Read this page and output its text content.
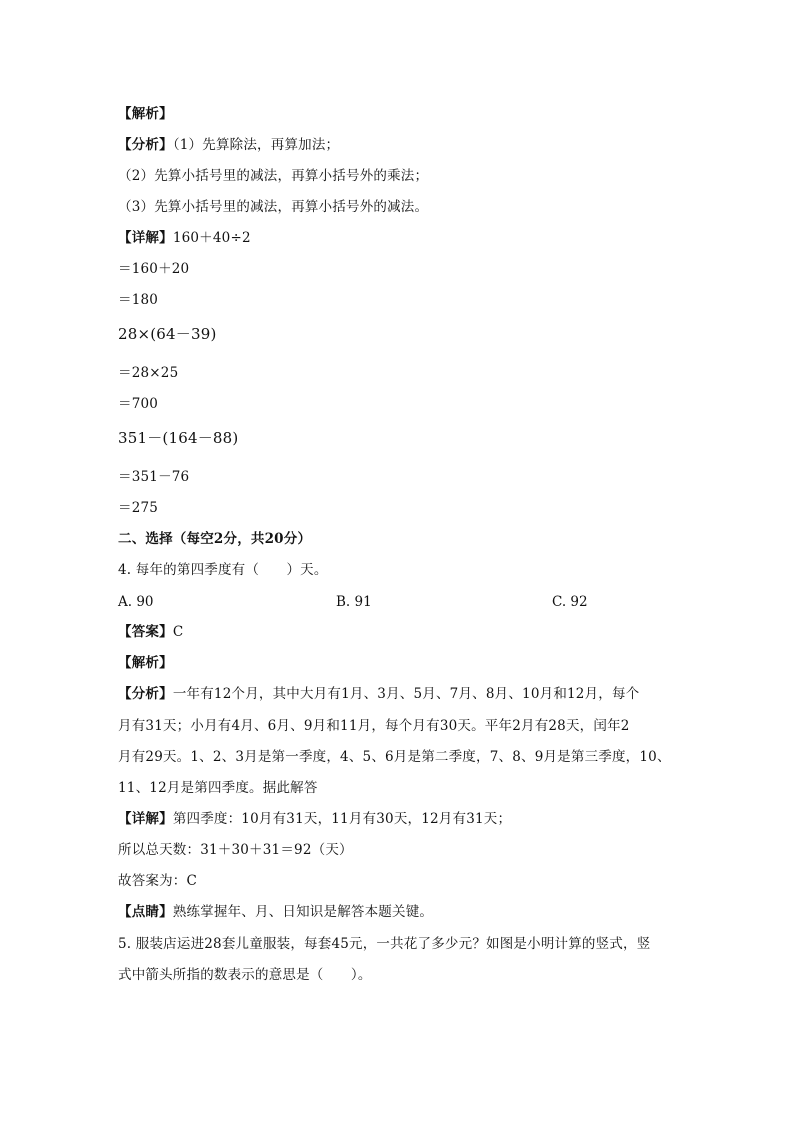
【解析】
【分析】（1）先算除法，再算加法；
（2）先算小括号里的减法，再算小括号外的乘法；
（3）先算小括号里的减法，再算小括号外的减法。
【详解】160＋40÷2
＝160＋20
＝180
28×(64－39)
＝28×25
＝700
351－(164－88)
＝351－76
＝275
二、选择（每空2分，共20分）
4. 每年的第四季度有（　　）天。
A. 90	B. 91	C. 92
【答案】C
【解析】
【分析】一年有12个月，其中大月有1月、3月、5月、7月、8月、10月和12月，每个
月有31天；小月有4月、6月、9月和11月，每个月有30天。平年2月有28天，闰年2
月有29天。1、2、3月是第一季度，4、5、6月是第二季度，7、8、9月是第三季度，10、
11、12月是第四季度。据此解答
【详解】第四季度：10月有31天，11月有30天，12月有31天；
所以总天数：31＋30＋31＝92（天）
故答案为：C
【点睛】熟练掌握年、月、日知识是解答本题关键。
5. 服装店运进28套儿童服装，每套45元，一共花了多少元？如图是小明计算的竖式，竖
式中箭头所指的数表示的意思是（　　）。
